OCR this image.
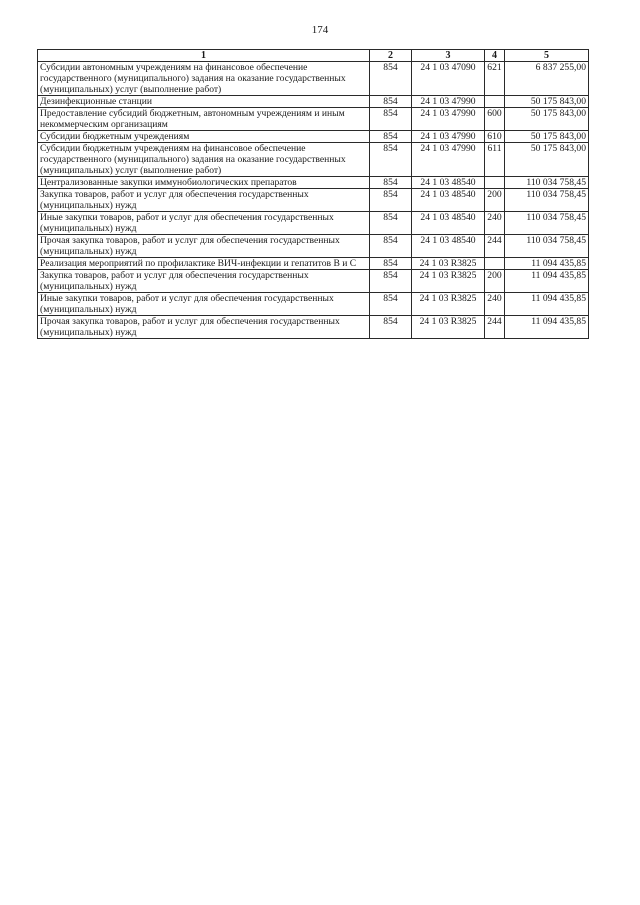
174
1	2	3	4	5
Субсидии автономным учреждениям на финансовое обеспечение государственного (муниципального) задания на оказание государственных (муниципальных) услуг (выполнение работ)	854	24 1 03 47090	621	6 837 255,00
Дезинфекционные станции	854	24 1 03 47990		50 175 843,00
Предоставление субсидий бюджетным, автономным учреждениям и иным некоммерческим организациям	854	24 1 03 47990	600	50 175 843,00
Субсидии бюджетным учреждениям	854	24 1 03 47990	610	50 175 843,00
Субсидии бюджетным учреждениям на финансовое обеспечение государственного (муниципального) задания на оказание государственных (муниципальных) услуг (выполнение работ)	854	24 1 03 47990	611	50 175 843,00
Централизованные закупки иммунобиологических препаратов	854	24 1 03 48540		110 034 758,45
Закупка товаров, работ и услуг для обеспечения государственных (муниципальных) нужд	854	24 1 03 48540	200	110 034 758,45
Иные закупки товаров, работ и услуг для обеспечения государственных (муниципальных) нужд	854	24 1 03 48540	240	110 034 758,45
Прочая закупка товаров, работ и услуг для обеспечения государственных (муниципальных) нужд	854	24 1 03 48540	244	110 034 758,45
Реализация мероприятий по профилактике ВИЧ-инфекции и гепатитов В и С	854	24 1 03 R3825		11 094 435,85
Закупка товаров, работ и услуг для обеспечения государственных (муниципальных) нужд	854	24 1 03 R3825	200	11 094 435,85
Иные закупки товаров, работ и услуг для обеспечения государственных (муниципальных) нужд	854	24 1 03 R3825	240	11 094 435,85
Прочая закупка товаров, работ и услуг для обеспечения государственных (муниципальных) нужд	854	24 1 03 R3825	244	11 094 435,85
